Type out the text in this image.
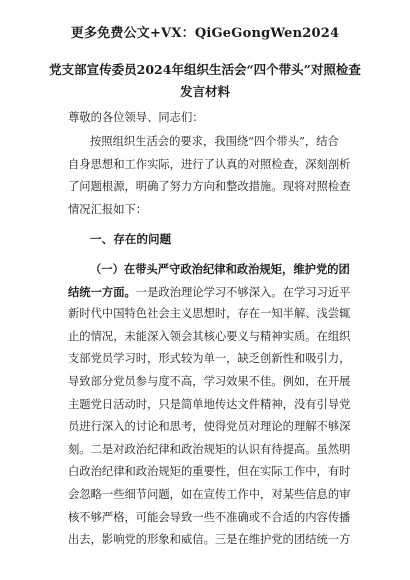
更多免费公文+VX：QiGeGongWen2024
党支部宣传委员2024年组织生活会“四个带头”对照检查
发言材料
尊敬的各位领导、同志们：
按照组织生活会的要求，我围绕“四个带头”，结合
自身思想和工作实际，进行了认真的对照检查，深刻剖析
了问题根源，明确了努力方向和整改措施。现将对照检查
情况汇报如下：
一、存在的问题
（一）在带头严守政治纪律和政治规矩，维护党的团
结统一方面。一是政治理论学习不够深入。在学习习近平
新时代中国特色社会主义思想时，存在一知半解、浅尝辄
止的情况，未能深入领会其核心要义与精神实质。在组织
支部党员学习时，形式较为单一，缺乏创新性和吸引力，
导致部分党员参与度不高，学习效果不佳。例如，在开展
主题党日活动时，只是简单地传达文件精神，没有引导党
员进行深入的讨论和思考，使得党员对理论的理解不够深
刻。二是对政治纪律和政治规矩的认识有待提高。虽然明
白政治纪律和政治规矩的重要性，但在实际工作中，有时
会忽略一些细节问题，如在宣传工作中，对某些信息的审
核不够严格，可能会导致一些不准确或不合适的内容传播
出去，影响党的形象和威信。三是在维护党的团结统一方
